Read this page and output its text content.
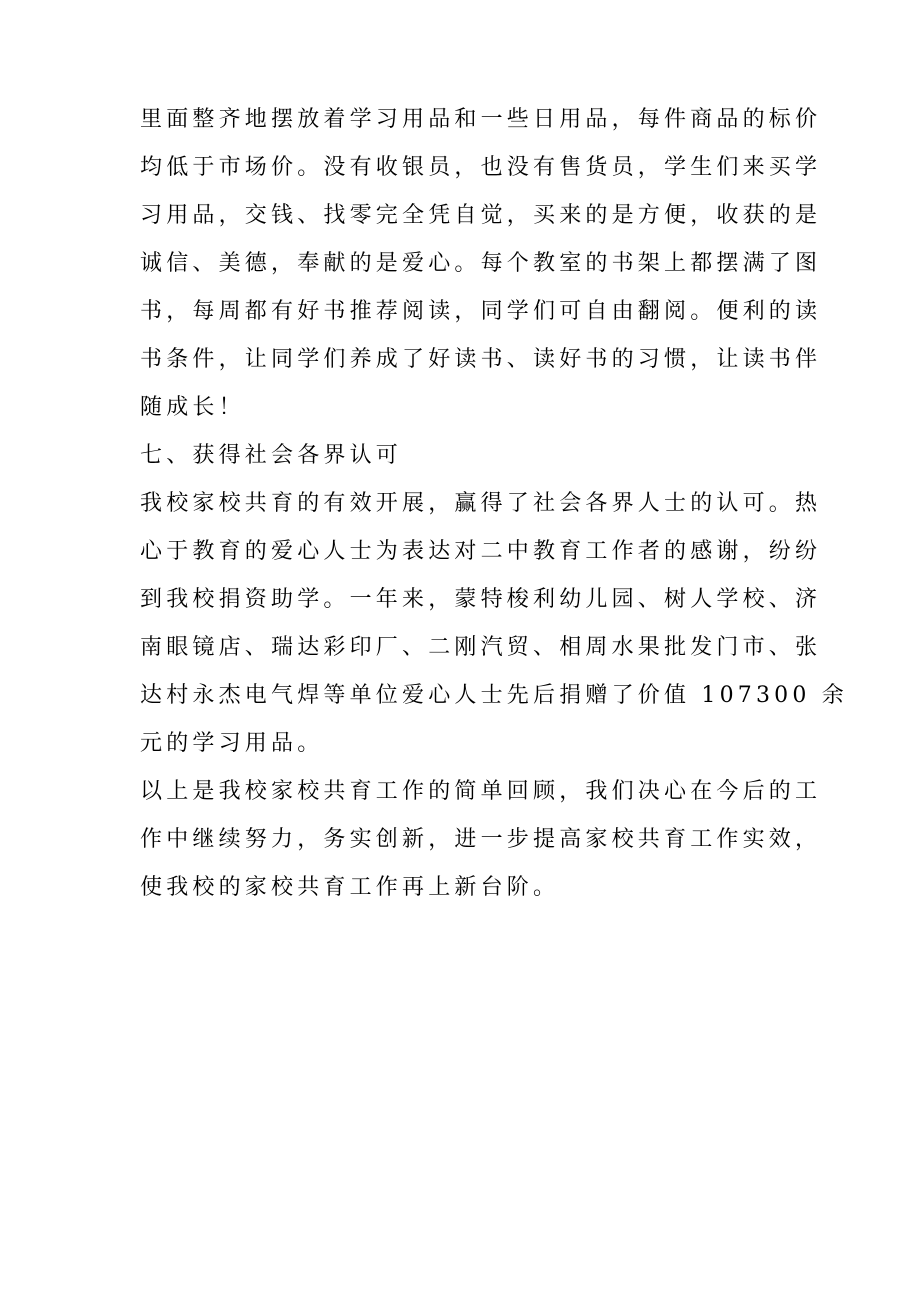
里面整齐地摆放着学习用品和一些日用品，每件商品的标价
均低于市场价。没有收银员，也没有售货员，学生们来买学
习用品，交钱、找零完全凭自觉，买来的是方便，收获的是
诚信、美德，奉献的是爱心。每个教室的书架上都摆满了图
书，每周都有好书推荐阅读，同学们可自由翻阅。便利的读
书条件，让同学们养成了好读书、读好书的习惯，让读书伴
随成长！
七、获得社会各界认可
我校家校共育的有效开展，赢得了社会各界人士的认可。热
心于教育的爱心人士为表达对二中教育工作者的感谢，纷纷
到我校捐资助学。一年来，蒙特梭利幼儿园、树人学校、济
南眼镜店、瑞达彩印厂、二刚汽贸、相周水果批发门市、张
达村永杰电气焊等单位爱心人士先后捐赠了价值 107300 余
元的学习用品。
以上是我校家校共育工作的简单回顾，我们决心在今后的工
作中继续努力，务实创新，进一步提高家校共育工作实效，
使我校的家校共育工作再上新台阶。
